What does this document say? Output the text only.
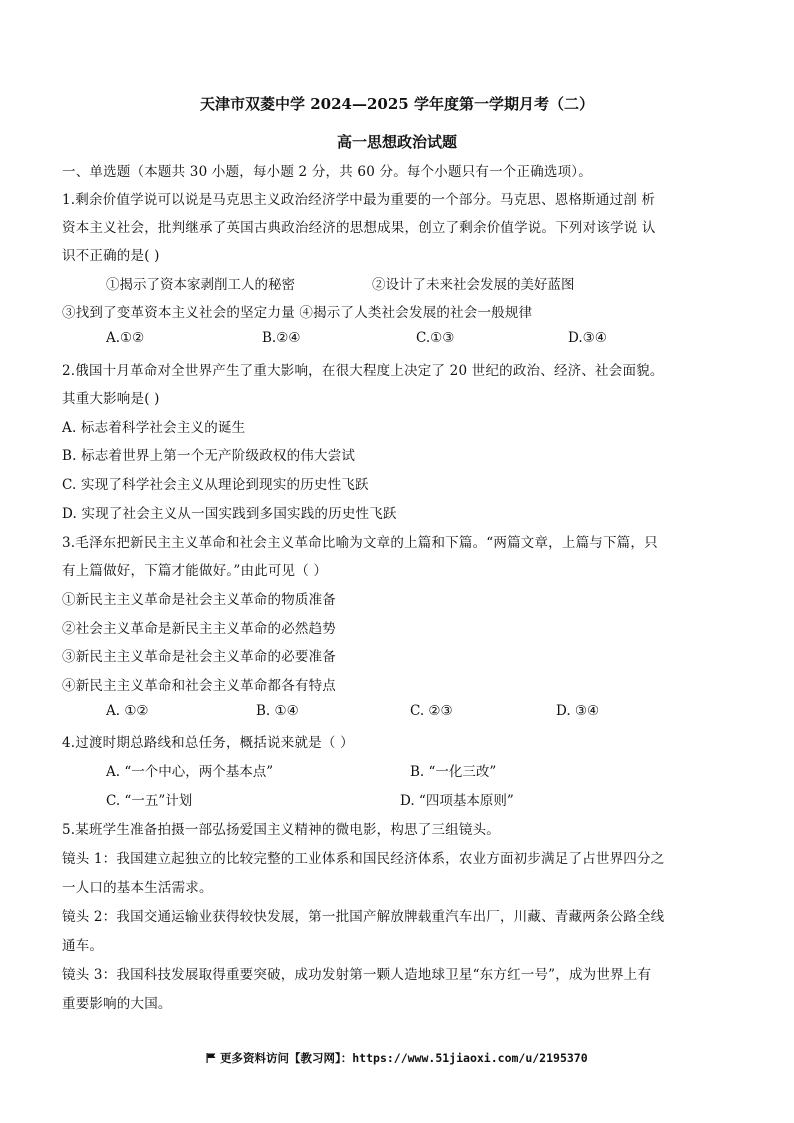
天津市双菱中学 2024—2025 学年度第一学期月考（二）
高一思想政治试题
一、单选题（本题共 30 小题，每小题 2 分，共 60 分。每个小题只有一个正确选项）。
1.剩余价值学说可以说是马克思主义政治经济学中最为重要的一个部分。马克思、恩格斯通过剖 析
资本主义社会，批判继承了英国古典政治经济的思想成果，创立了剩余价值学说。下列对该学说 认
识不正确的是( )
①揭示了资本家剥削工人的秘密	②设计了未来社会发展的美好蓝图
③找到了变革资本主义社会的坚定力量 ④揭示了人类社会发展的社会一般规律
A.①②	B.②④	C.①③	D.③④
2.俄国十月革命对全世界产生了重大影响，在很大程度上决定了 20 世纪的政治、经济、社会面貌。
其重大影响是( )
A. 标志着科学社会主义的诞生
B. 标志着世界上第一个无产阶级政权的伟大尝试
C. 实现了科学社会主义从理论到现实的历史性飞跃
D. 实现了社会主义从一国实践到多国实践的历史性飞跃
3.毛泽东把新民主主义革命和社会主义革命比喻为文章的上篇和下篇。“两篇文章，上篇与下篇，只
有上篇做好，下篇才能做好。”由此可见（ ）
①新民主主义革命是社会主义革命的物质准备
②社会主义革命是新民主主义革命的必然趋势
③新民主主义革命是社会主义革命的必要准备
④新民主主义革命和社会主义革命都各有特点
A. ①②	B. ①④	C. ②③	D. ③④
4.过渡时期总路线和总任务，概括说来就是（ ）
A. “一个中心，两个基本点”	B. “一化三改”
C. “一五”计划	D. “四项基本原则”
5.某班学生准备拍摄一部弘扬爱国主义精神的微电影，构思了三组镜头。
镜头 1：我国建立起独立的比较完整的工业体系和国民经济体系，农业方面初步满足了占世界四分之
一人口的基本生活需求。
镜头 2：我国交通运输业获得较快发展，第一批国产解放牌载重汽车出厂，川藏、青藏两条公路全线
通车。
镜头 3：我国科技发展取得重要突破，成功发射第一颗人造地球卫星“东方红一号”，成为世界上有
重要影响的大国。
更多资料访问【教习网】：https://www.51jiaoxi.com/u/2195370
